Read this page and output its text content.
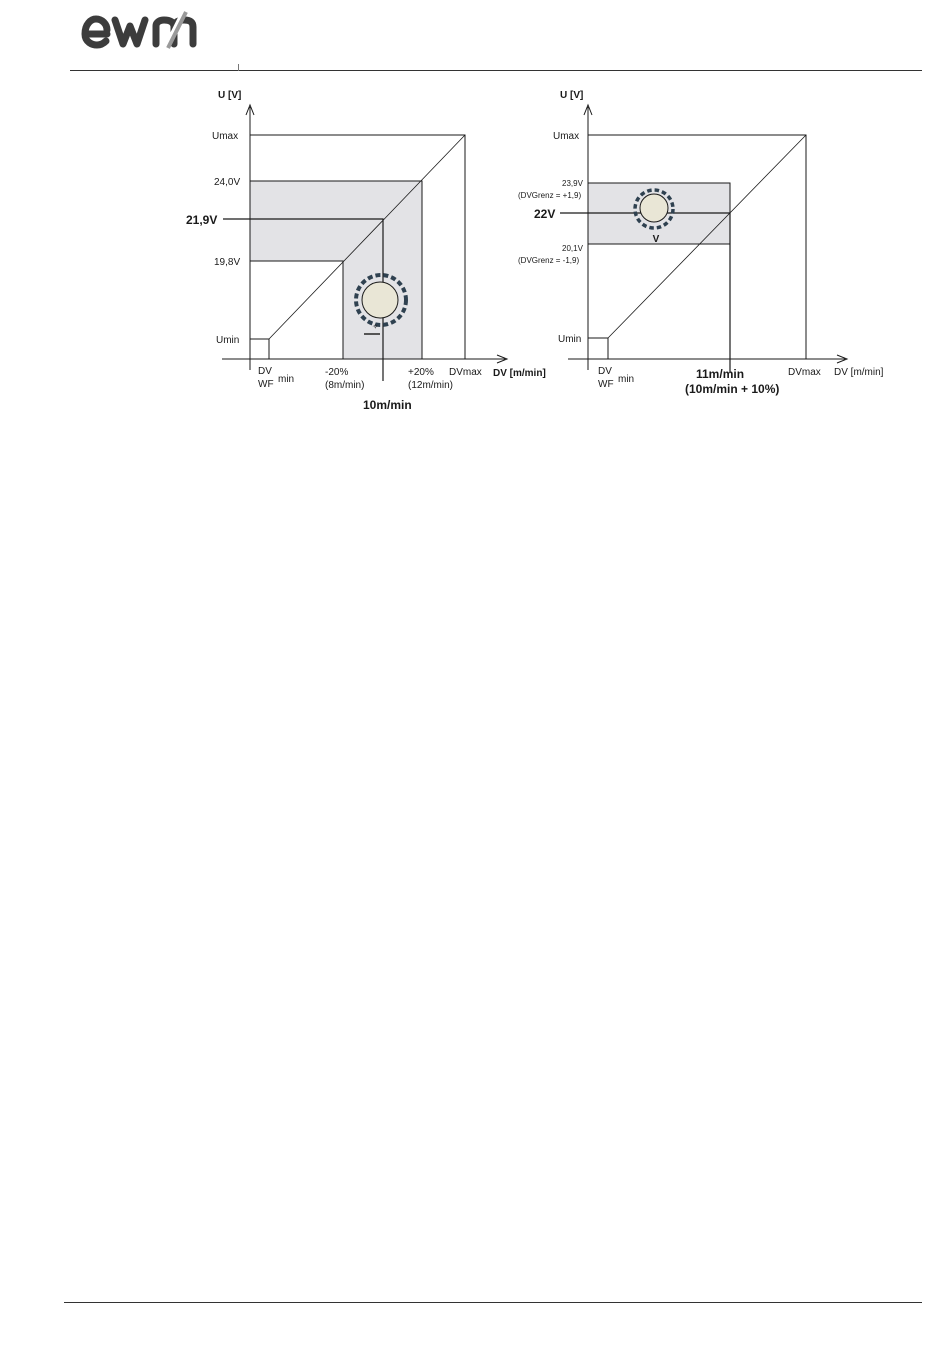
✧
U [V]
Umax
24,0V
21,9V
19,8V
Umin
DV
WF min
-20%
(8m/min)
+20%
(12m/min)
DVmax DV [m/min]
10m/min
V
U [V]
Umax
23,9V
(DVGrenz = +1,9)
22V
20,1V
(DVGrenz = -1,9)
Umin
DV
WF min
DVmax DV [m/min]
11m/min
(10m/min + 10%)
